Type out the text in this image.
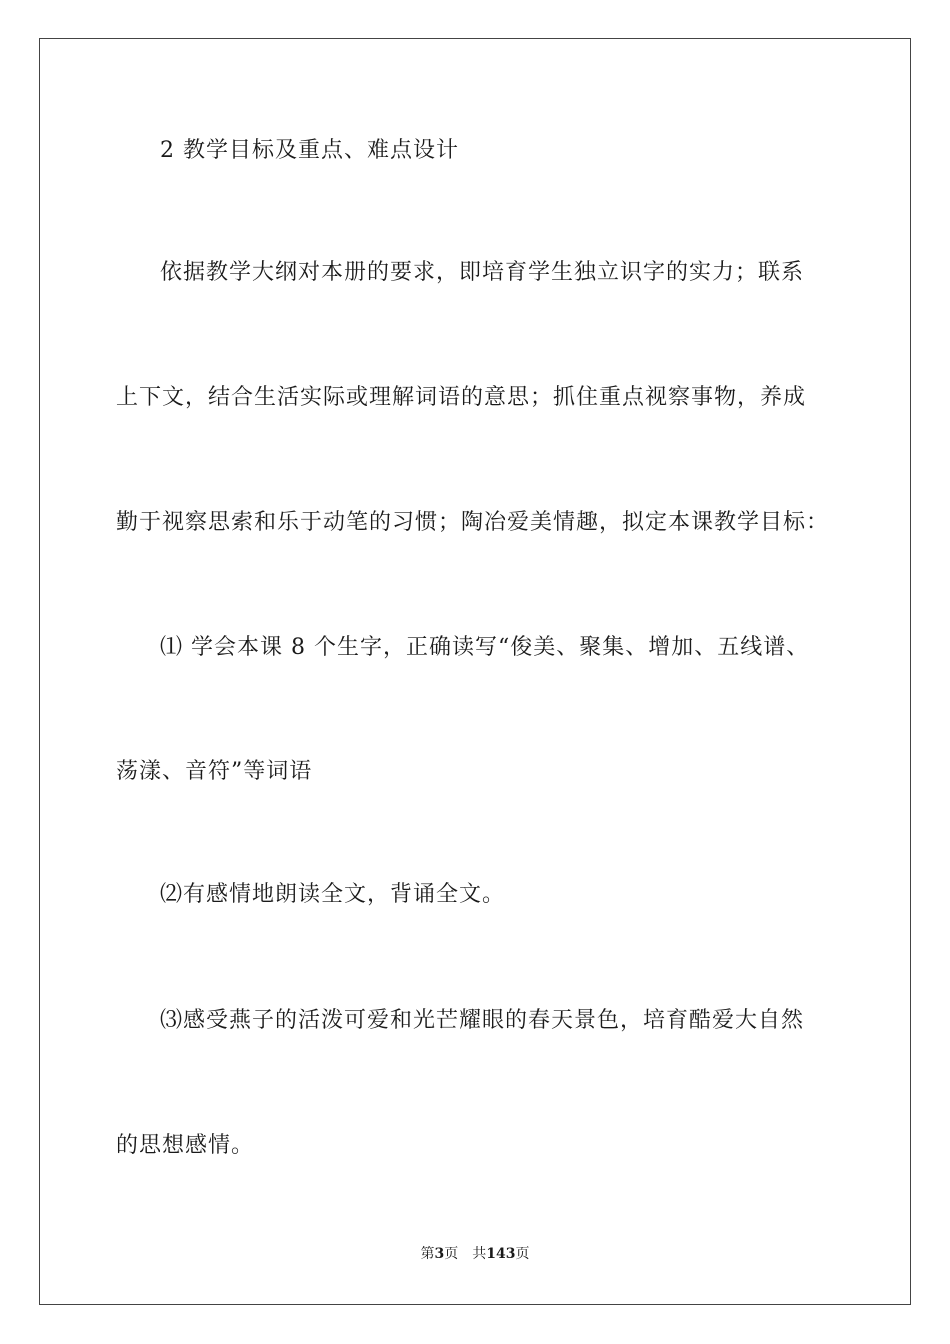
2 教学目标及重点、难点设计
依据教学大纲对本册的要求，即培育学生独立识字的实力；联系
上下文，结合生活实际或理解词语的意思；抓住重点视察事物，养成
勤于视察思索和乐于动笔的习惯；陶冶爱美情趣，拟定本课教学目标：
⑴ 学会本课 8 个生字，正确读写“俊美、聚集、增加、五线谱、
荡漾、音符”等词语
⑵有感情地朗读全文，背诵全文。
⑶感受燕子的活泼可爱和光芒耀眼的春天景色，培育酷爱大自然
的思想感情。
第3页 共143页
